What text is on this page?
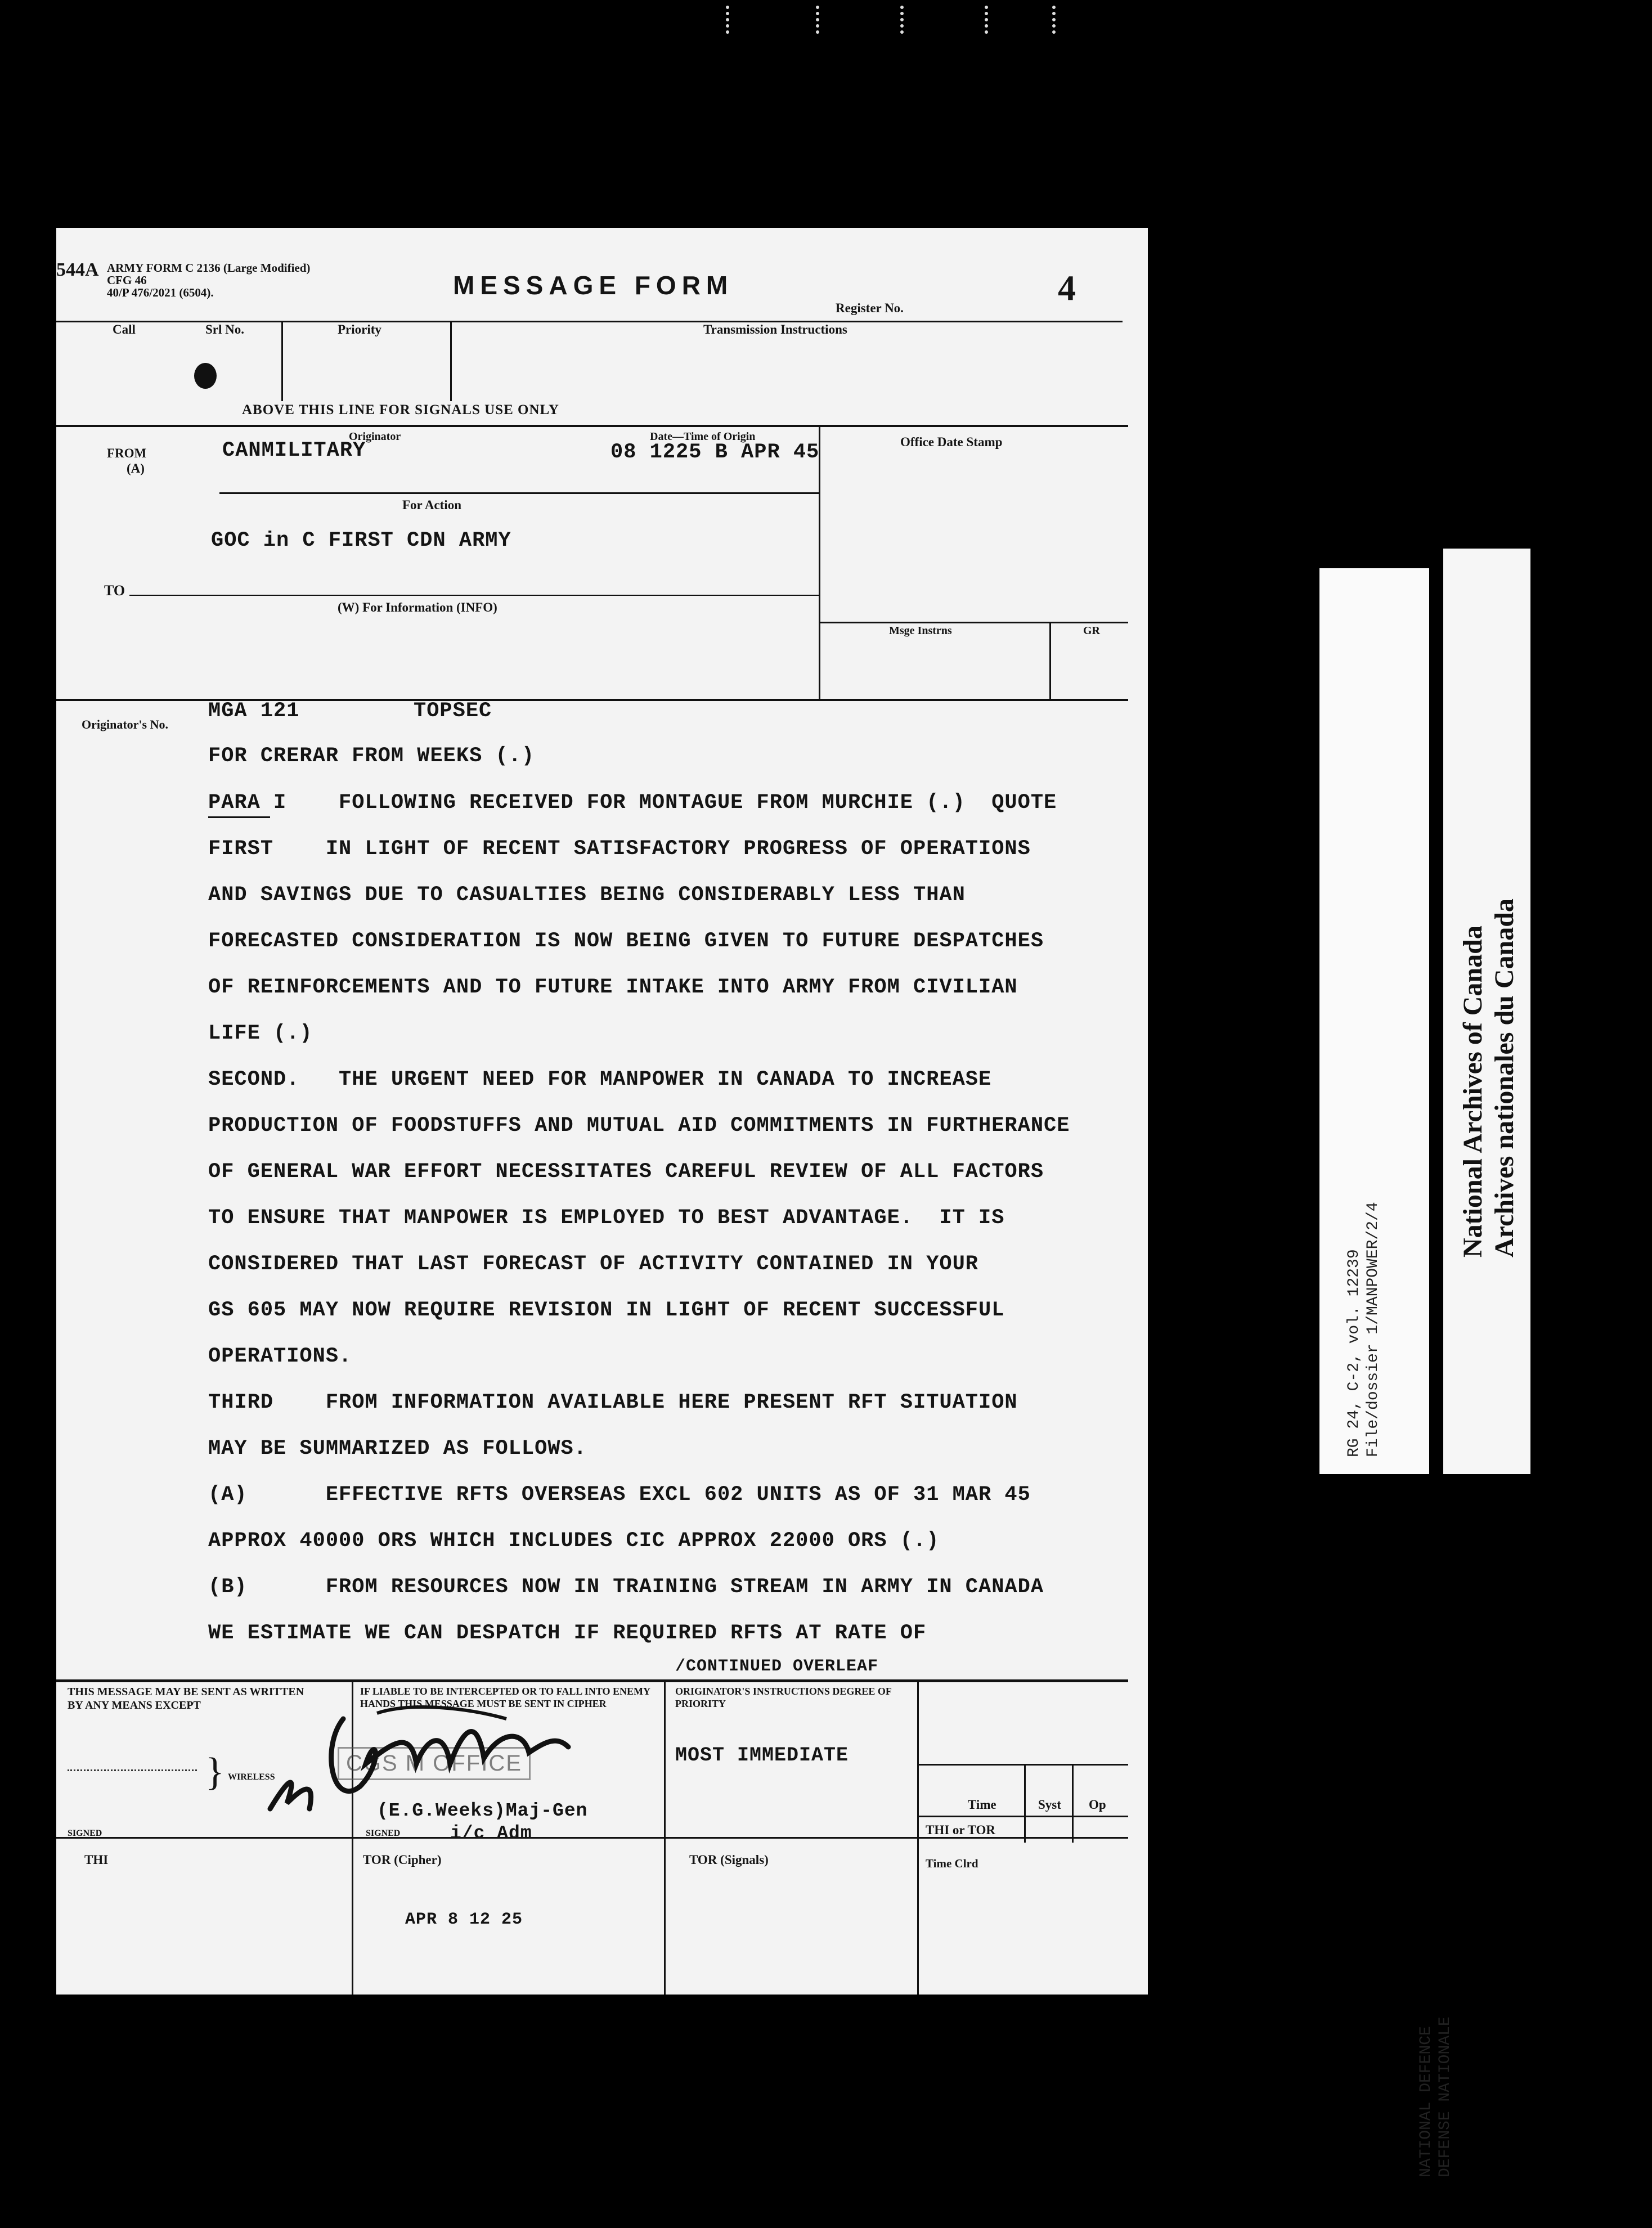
544A ARMY FORM C 2136 (Large Modified)
CFG 46
40/P 476/2021 (6504).	MESSAGE FORM
Register No.
4
Call	Srl No.	Priority	Transmission Instructions
ABOVE THIS LINE FOR SIGNALS USE ONLY
FROM
(A)
Originator
CANMILITARY
Date—Time of Origin
08 1225 B APR 45	Office Date Stamp
For Action
GOC in C FIRST CDN ARMY
TO
(W) For Information (INFO)
Msge Instrns	GR
Originator's No.
MGA 121	TOPSEC
FOR CRERAR FROM WEEKS (.)
PARA I    FOLLOWING RECEIVED FOR MONTAGUE FROM MURCHIE (.)  QUOTE
FIRST    IN LIGHT OF RECENT SATISFACTORY PROGRESS OF OPERATIONS
AND SAVINGS DUE TO CASUALTIES BEING CONSIDERABLY LESS THAN
FORECASTED CONSIDERATION IS NOW BEING GIVEN TO FUTURE DESPATCHES
OF REINFORCEMENTS AND TO FUTURE INTAKE INTO ARMY FROM CIVILIAN
LIFE (.)
SECOND.   THE URGENT NEED FOR MANPOWER IN CANADA TO INCREASE
PRODUCTION OF FOODSTUFFS AND MUTUAL AID COMMITMENTS IN FURTHERANCE
OF GENERAL WAR EFFORT NECESSITATES CAREFUL REVIEW OF ALL FACTORS
TO ENSURE THAT MANPOWER IS EMPLOYED TO BEST ADVANTAGE.  IT IS
CONSIDERED THAT LAST FORECAST OF ACTIVITY CONTAINED IN YOUR
GS 605 MAY NOW REQUIRE REVISION IN LIGHT OF RECENT SUCCESSFUL
OPERATIONS.
THIRD    FROM INFORMATION AVAILABLE HERE PRESENT RFT SITUATION
MAY BE SUMMARIZED AS FOLLOWS.
(A)      EFFECTIVE RFTS OVERSEAS EXCL 602 UNITS AS OF 31 MAR 45
APPROX 40000 ORS WHICH INCLUDES CIC APPROX 22000 ORS (.)
(B)      FROM RESOURCES NOW IN TRAINING STREAM IN ARMY IN CANADA
WE ESTIMATE WE CAN DESPATCH IF REQUIRED RFTS AT RATE OF
/CONTINUED OVERLEAF
THIS MESSAGE MAY BE SENT AS WRITTEN BY ANY MEANS EXCEPT
} WIRELESS
SIGNED
IF LIABLE TO BE INTERCEPTED OR TO FALL INTO ENEMY HANDS THIS MESSAGE MUST BE SENT IN CIPHER
(E.G.Weeks)Maj-Gen
i/c Adm
SIGNED
CGS M OFFICE
ORIGINATOR'S INSTRUCTIONS DEGREE OF PRIORITY
MOST IMMEDIATE
Time	Syst Op
THI or TOR
Time Clrd
THI	TOR (Cipher)
APR 8 12 25
TOR (Signals)
RG 24, C-2, vol. 12239
File/dossier 1/MANPOWER/2/4
NATIONAL DEFENCE
DEFENSE NATIONALE
National Archives of Canada Archives nationales du Canada
